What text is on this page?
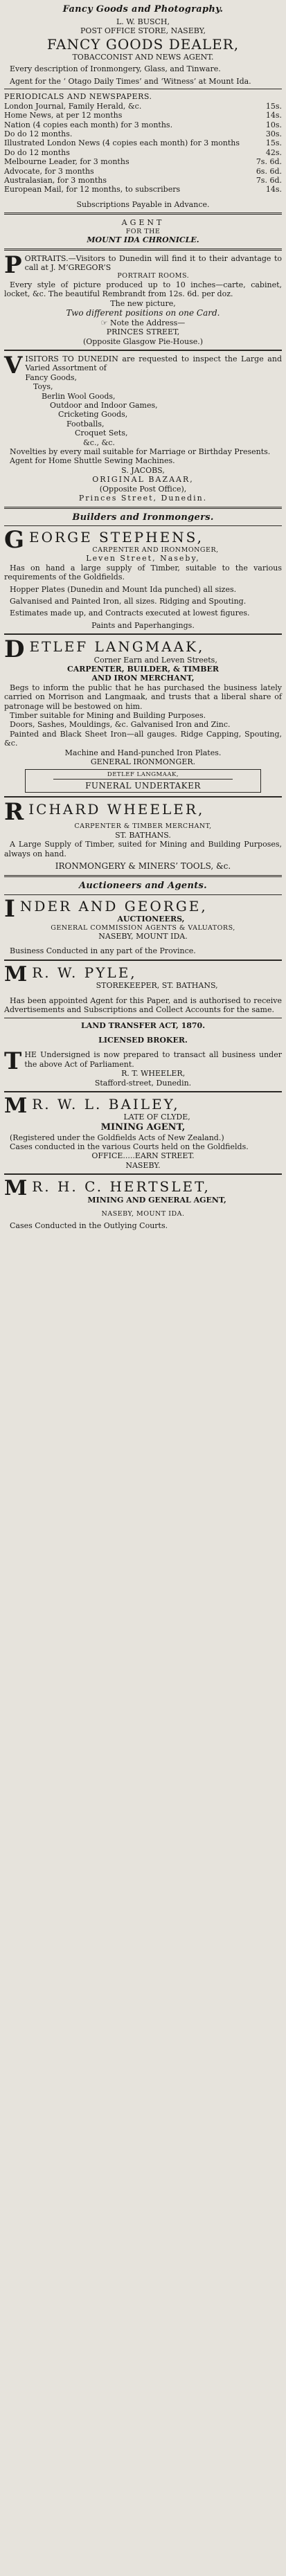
Fancy Goods and Photography.
L. W. BUSCH,
POST OFFICE STORE, NASEBY,
FANCY GOODS DEALER,
TOBACCONIST AND NEWS AGENT.
Every description of Ironmongery, Glass, and Tinware.
Agent for the ‘ Otago Daily Times’ and ‘Witness’ at Mount Ida.
PERIODICALS AND NEWSPAPERS.
London Journal, Family Herald, &c.	15s.
Home News, at per 12 months	14s.
Nation (4 copies each month) for 3 months.	10s.
Do do 12 months.	30s.
Illustrated London News (4 copies each month) for 3 months	15s.
Do do 12 months	42s.
Melbourne Leader, for 3 months	7s. 6d.
Advocate, for 3 months	6s. 6d.
Australasian, for 3 months	7s. 6d.
European Mail, for 12 months, to subscribers	14s.
Subscriptions Payable in Advance.
AGENT
FOR THE
MOUNT IDA CHRONICLE.
PORTRAITS.—Visitors to Dunedin will find it to their advantage to call at J. M‘GREGOR’S
PORTRAIT ROOMS.
Every style of picture produced up to 10 inches—carte, cabinet, locket, &c. The beautiful Rembrandt from 12s. 6d. per doz.
The new picture,
Two different positions on one Card.
☞ Note the Address—
PRINCES STREET,
(Opposite Glasgow Pie-House.)
VISITORS TO DUNEDIN are requested to inspect the Large and Varied Assortment of
Fancy Goods,
Toys,
Berlin Wool Goods,
Outdoor and Indoor Games,
Cricketing Goods,
Footballs,
Croquet Sets,
&c., &c.
Novelties by every mail suitable for Marriage or Birthday Presents.
Agent for Home Shuttle Sewing Machines.
S. JACOBS,
ORIGINAL BAZAAR,
(Opposite Post Office),
Princes Street, Dunedin.
Builders and Ironmongers.
GEORGE STEPHENS,
CARPENTER AND IRONMONGER,
Leven Street, Naseby,
Has on hand a large supply of Timber, suitable to the various requirements of the Goldfields.
Hopper Plates (Dunedin and Mount Ida punched) all sizes.
Galvanised and Painted Iron, all sizes. Ridging and Spouting.
Estimates made up, and Contracts executed at lowest figures.
Paints and Paperhangings.
DETLEF LANGMAAK,
Corner Earn and Leven Streets,
CARPENTER, BUILDER, & TIMBER
AND IRON MERCHANT,
Begs to inform the public that he has purchased the business lately carried on Morrison and Langmaak, and trusts that a liberal share of patronage will be bestowed on him.
Timber suitable for Mining and Building Purposes.
Doors, Sashes, Mouldings, &c. Galvanised Iron and Zinc.
Painted and Black Sheet Iron—all gauges. Ridge Capping, Spouting, &c.
Machine and Hand-punched Iron Plates.
GENERAL IRONMONGER.
DETLEF LANGMAAK,
FUNERAL UNDERTAKER
RICHARD WHEELER,
CARPENTER & TIMBER MERCHANT,
ST. BATHANS.
A Large Supply of Timber, suited for Mining and Building Purposes, always on hand.
IRONMONGERY & MINERS’ TOOLS, &c.
Auctioneers and Agents.
INDER AND GEORGE,
AUCTIONEERS,
GENERAL COMMISSION AGENTS & VALUATORS,
NASEBY, MOUNT IDA.
Business Conducted in any part of the Province.
MR. W. PYLE,
STOREKEEPER, ST. BATHANS,
Has been appointed Agent for this Paper, and is authorised to receive Advertisements and Subscriptions and Collect Accounts for the same.
LAND TRANSFER ACT, 1870.
LICENSED BROKER.
THE Undersigned is now prepared to transact all business under the above Act of Parliament.
R. T. WHEELER,
Stafford-street, Dunedin.
MR. W. L. BAILEY,
LATE OF CLYDE,
MINING AGENT,
(Registered under the Goldfields Acts of New Zealand.)
Cases conducted in the various Courts held on the Goldfields.
OFFICE.....EARN STREET.
NASEBY.
MR. H. C. HERTSLET,
MINING AND GENERAL AGENT,
NASEBY, MOUNT IDA.
Cases Conducted in the Outlying Courts.
